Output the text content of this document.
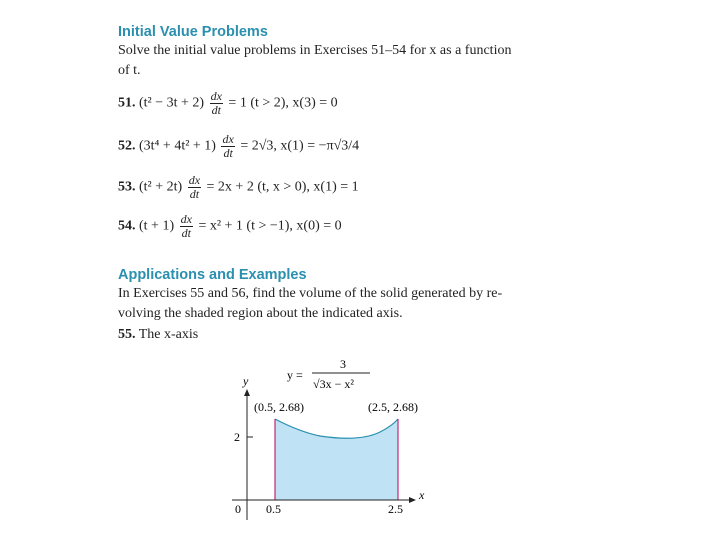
Initial Value Problems
Solve the initial value problems in Exercises 51–54 for x as a function
of t.
51. $(t^2 - 3t + 2) \frac{dx}{dt} = 1$ (t > 2), x(3) = 0
52. $(3t^4 + 4t^2 + 1) \frac{dx}{dt} = 2√3$, x(1) = −π√3/4
53. $(t^2 + 2t) \frac{dx}{dt} = 2x + 2$ (t, x > 0), x(1) = 1
54. $(t + 1) \frac{dx}{dt} = x^2 + 1$ (t > −1), x(0) = 0
Applications and Examples
In Exercises 55 and 56, find the volume of the solid generated by re-
volving the shaded region about the indicated axis.
55. The x-axis
y
x
2
0 0.5	2.5
(0.5, 2.68)	(2.5, 2.68)
y =
3
√3x − x²
